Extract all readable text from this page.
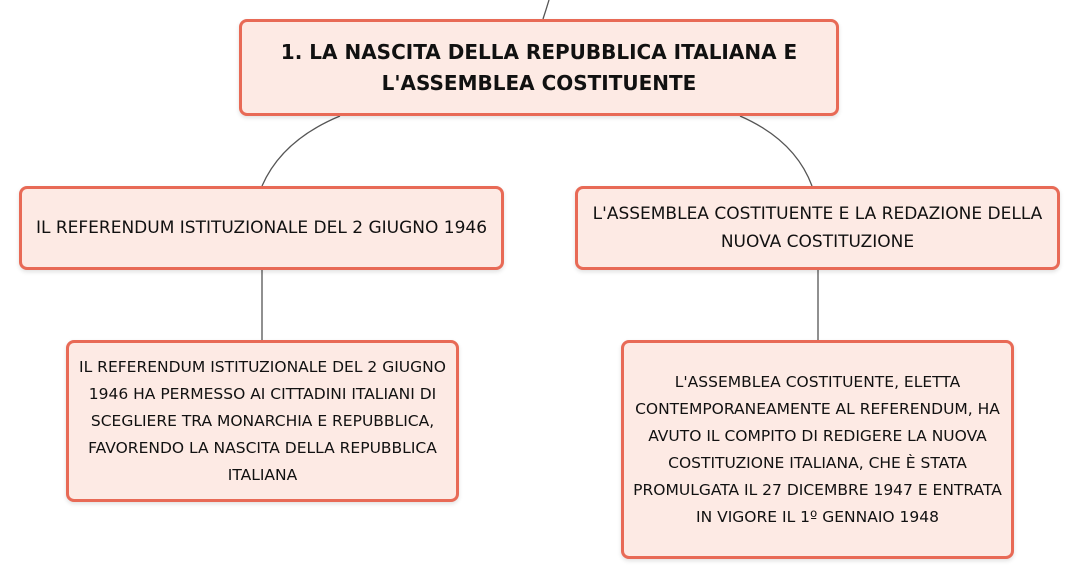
1. LA NASCITA DELLA REPUBBLICA ITALIANA E L'ASSEMBLEA COSTITUENTE
IL REFERENDUM ISTITUZIONALE DEL 2 GIUGNO 1946
L'ASSEMBLEA COSTITUENTE E LA REDAZIONE DELLA NUOVA COSTITUZIONE
IL REFERENDUM ISTITUZIONALE DEL 2 GIUGNO 1946 HA PERMESSO AI CITTADINI ITALIANI DI SCEGLIERE TRA MONARCHIA E REPUBBLICA, FAVORENDO LA NASCITA DELLA REPUBBLICA ITALIANA
L'ASSEMBLEA COSTITUENTE, ELETTA CONTEMPORANEAMENTE AL REFERENDUM, HA AVUTO IL COMPITO DI REDIGERE LA NUOVA COSTITUZIONE ITALIANA, CHE È STATA PROMULGATA IL 27 DICEMBRE 1947 E ENTRATA IN VIGORE IL 1º GENNAIO 1948
